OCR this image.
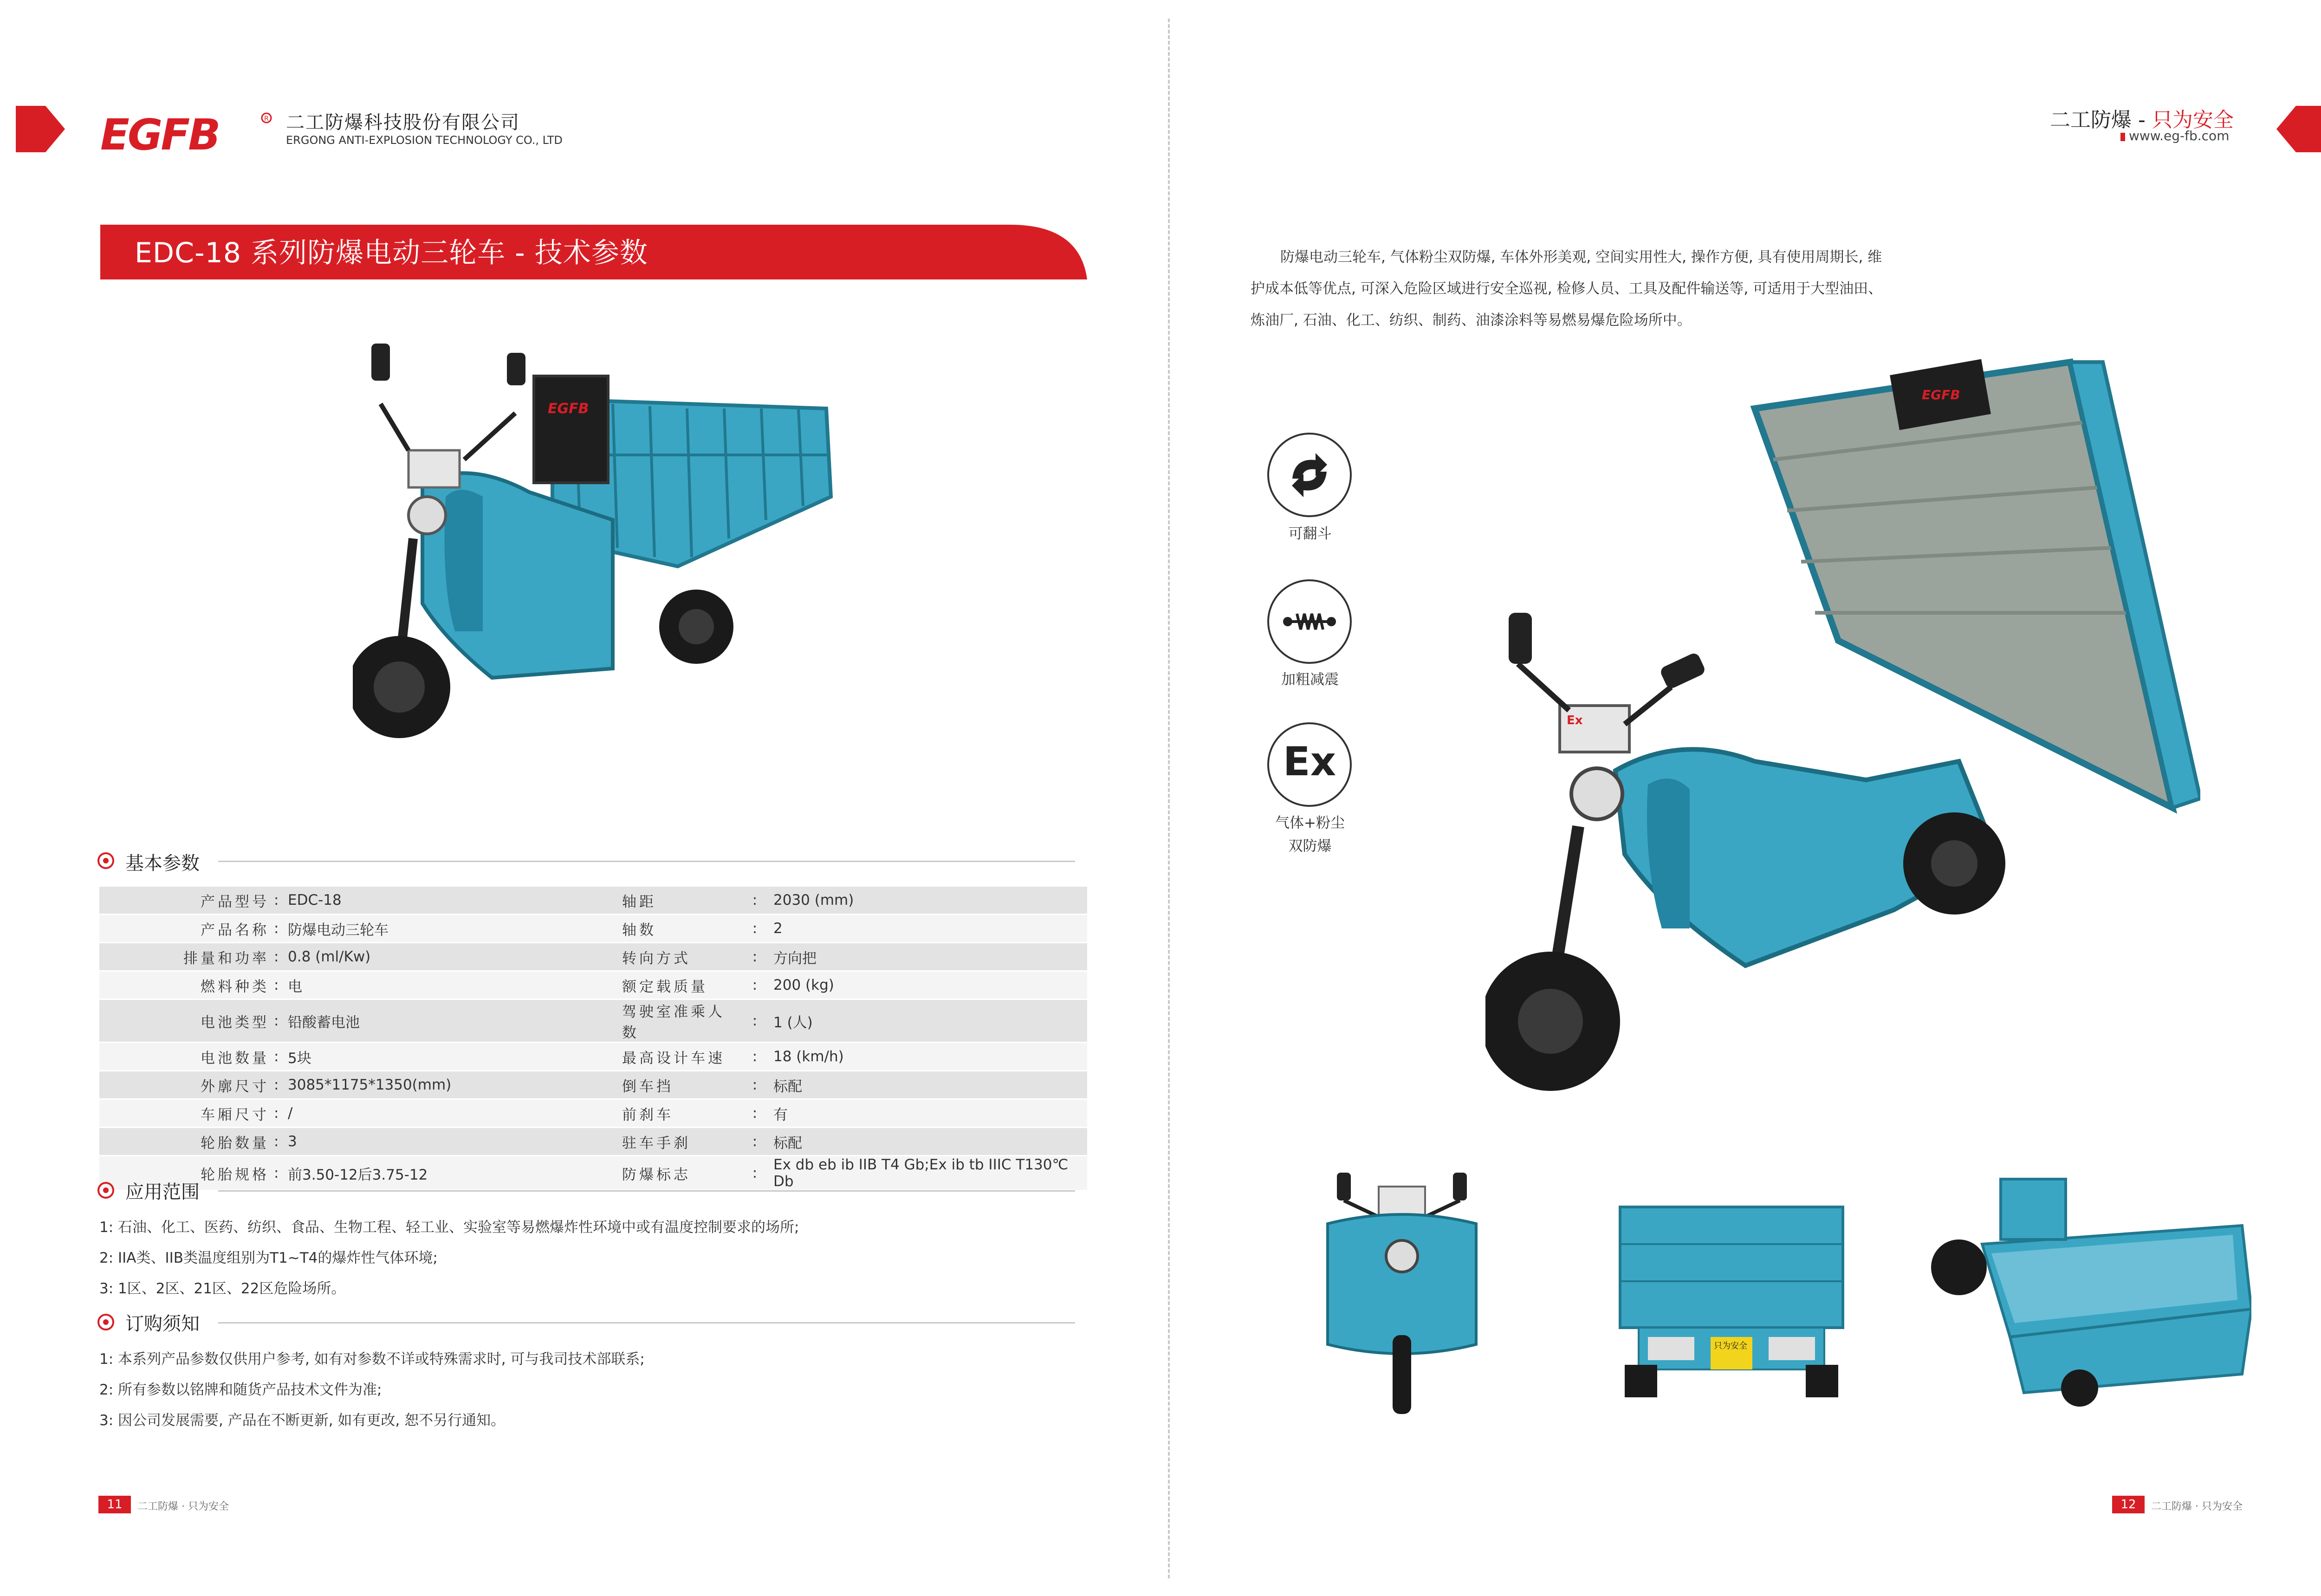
EGFB	R 二工防爆科技股份有限公司
ERGONG ANTI-EXPLOSION TECHNOLOGY CO., LTD
EDC-18 系列防爆电动三轮车 - 技术参数
EGFB
基本参数
产品型号	:	EDC-18	轴距	:	2030 (mm)
产品名称	:	防爆电动三轮车	轴数	:	2
排量和功率	:	0.8 (ml/Kw)	转向方式	:	方向把
燃料种类	:	电	额定载质量	:	200 (kg)
电池类型	:	铅酸蓄电池	驾驶室准乘人数	:	1 (人)
电池数量	:	5块	最高设计车速	:	18 (km/h)
外廓尺寸	:	3085*1175*1350(mm)	倒车挡	:	标配
车厢尺寸	:	/	前刹车	:	有
轮胎数量	:	3	驻车手刹	:	标配
轮胎规格	:	前3.50-12后3.75-12	防爆标志	:	Ex db eb ib IIB T4 Gb;Ex ib tb IIIC T130℃ Db
应用范围
1: 石油、化工、医药、纺织、食品、生物工程、轻工业、实验室等易燃爆炸性环境中或有温度控制要求的场所;
2: IIA类、IIB类温度组别为T1~T4的爆炸性气体环境;
3: 1区、2区、21区、22区危险场所。
订购须知
1: 本系列产品参数仅供用户参考, 如有对参数不详或特殊需求时, 可与我司技术部联系;
2: 所有参数以铭牌和随货产品技术文件为准;
3: 因公司发展需要, 产品在不断更新, 如有更改, 恕不另行通知。
11	二工防爆 · 只为安全
二工防爆 - 只为安全
www.eg-fb.com
防爆电动三轮车, 气体粉尘双防爆, 车体外形美观, 空间实用性大, 操作方便, 具有使用周期长, 维护成本低等优点, 可深入危险区域进行安全巡视, 检修人员、工具及配件输送等, 可适用于大型油田、炼油厂, 石油、化工、纺织、制药、油漆涂料等易燃易爆危险场所中。
可翻斗
加粗减震
Ex
气体+粉尘
双防爆
EGFB
Ex
只为安全
12	二工防爆 · 只为安全
